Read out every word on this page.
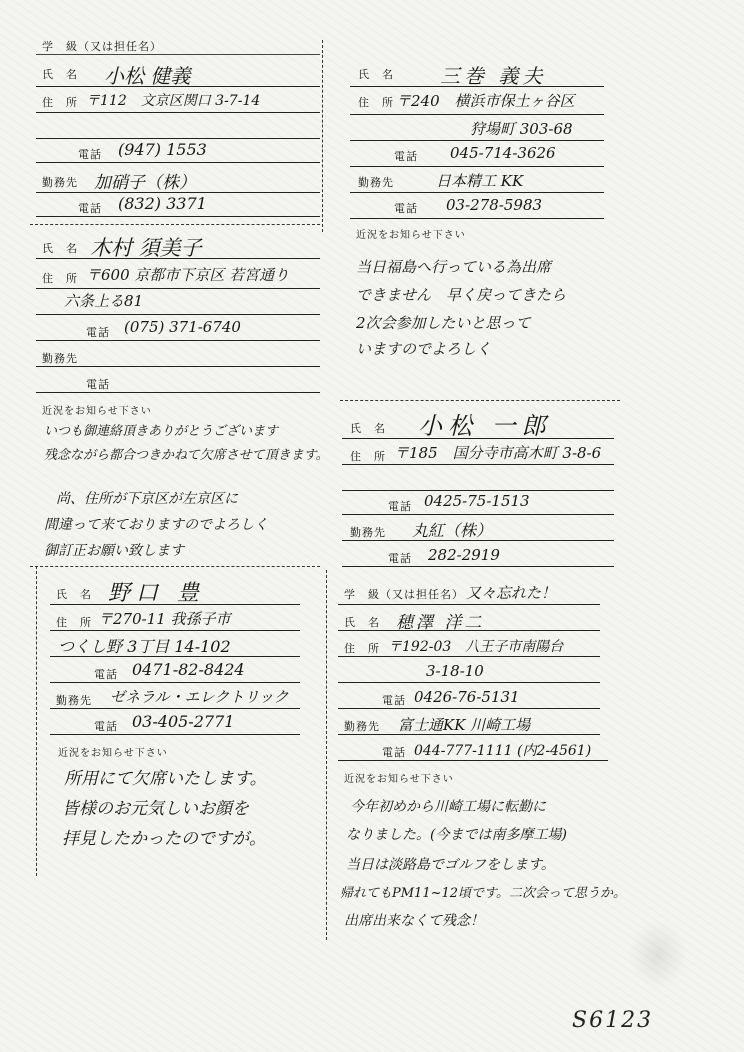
学　級（又は担任名）
氏　名 小松 健義
住　所 〒112　文京区関口 3-7-14
電話 (947) 1553
勤務先 加硝子（株）
電話 (832) 3371
氏　名 木村 須美子
住　所 〒600 京都市下京区 若宮通り
六条上る81
電話 (075) 371-6740
勤務先
電話
近況をお知らせ下さい
いつも御連絡頂きありがとうございます
残念ながら都合つきかねて欠席させて頂きます。
尚、住所が下京区が左京区に
間違って来ておりますのでよろしく
御訂正お願い致します
氏　名 野口 豊
住　所 〒270-11 我孫子市
つくし野 3丁目 14-102
電話 0471-82-8424
勤務先 ゼネラル・エレクトリック
電話 03-405-2771
近況をお知らせ下さい
所用にて欠席いたします。
皆様のお元気しいお顔を
拝見したかったのですが。
氏　名 三巻 義夫
住　所 〒240　横浜市保土ヶ谷区
狩場町 303-68
電話 045-714-3626
勤務先	日本精工 KK
電話 03-278-5983
近況をお知らせ下さい
当日福島へ行っている為出席
できません　早く戻ってきたら
2次会参加したいと思って
いますのでよろしく
氏　名 小松 一郎
住　所 〒185　国分寺市高木町 3-8-6
電話 0425-75-1513
勤務先 丸紅（株）
電話 282-2919
学　級（又は担任名） 又々忘れた！
氏　名 穂澤 洋二
住　所 〒192-03　八王子市南陽台
3-18-10
電話 0426-76-5131
勤務先 富士通KK 川崎工場
電話 044-777-1111 (内2-4561)
近況をお知らせ下さい
今年初めから川崎工場に転勤に
なりました。(今までは南多摩工場)
当日は淡路島でゴルフをします。
帰れてもPM11~12頃です。二次会って思うか。
出席出来なくて残念！
S6123
